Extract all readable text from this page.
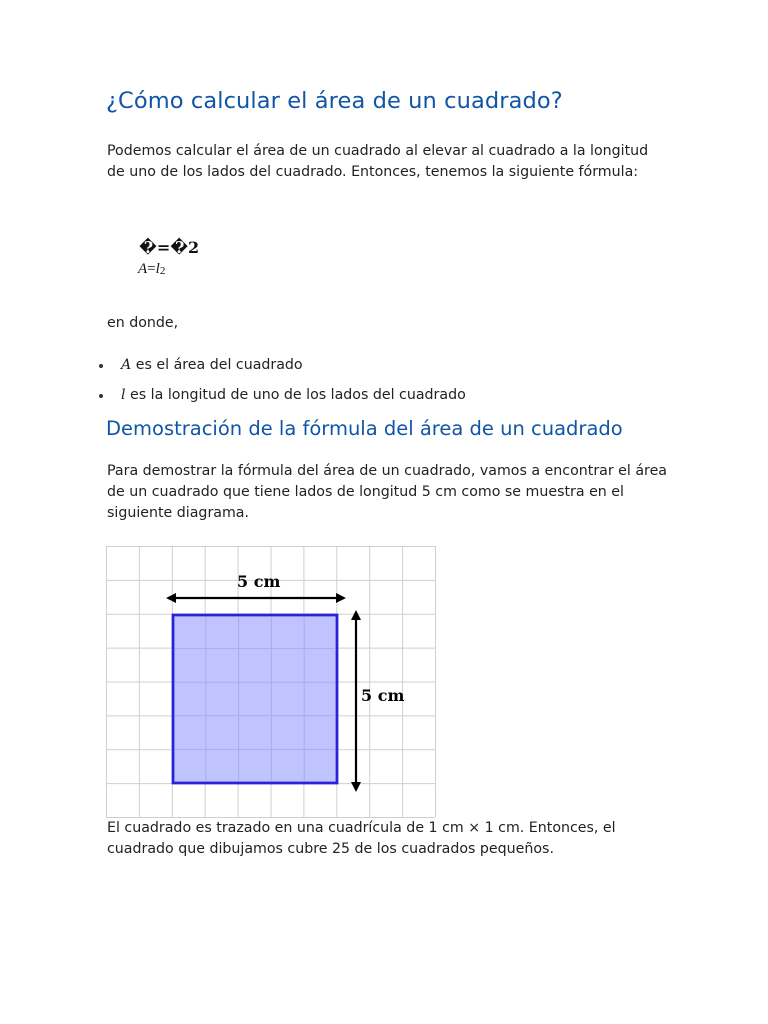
¿Cómo calcular el área de un cuadrado?

Podemos calcular el área de un cuadrado al elevar al cuadrado a la longitud de uno de los lados del cuadrado. Entonces, tenemos la siguiente fórmula:

�=�2
$A=l_2$

en donde,

A es el área del cuadrado
l es la longitud de uno de los lados del cuadrado
Demostración de la fórmula del área de un cuadrado

Para demostrar la fórmula del área de un cuadrado, vamos a encontrar el área de un cuadrado que tiene lados de longitud 5 cm como se muestra en el siguiente diagrama.

5 cm
5 cm

El cuadrado es trazado en una cuadrícula de 1 cm × 1 cm. Entonces, el cuadrado que dibujamos cubre 25 de los cuadrados pequeños.
